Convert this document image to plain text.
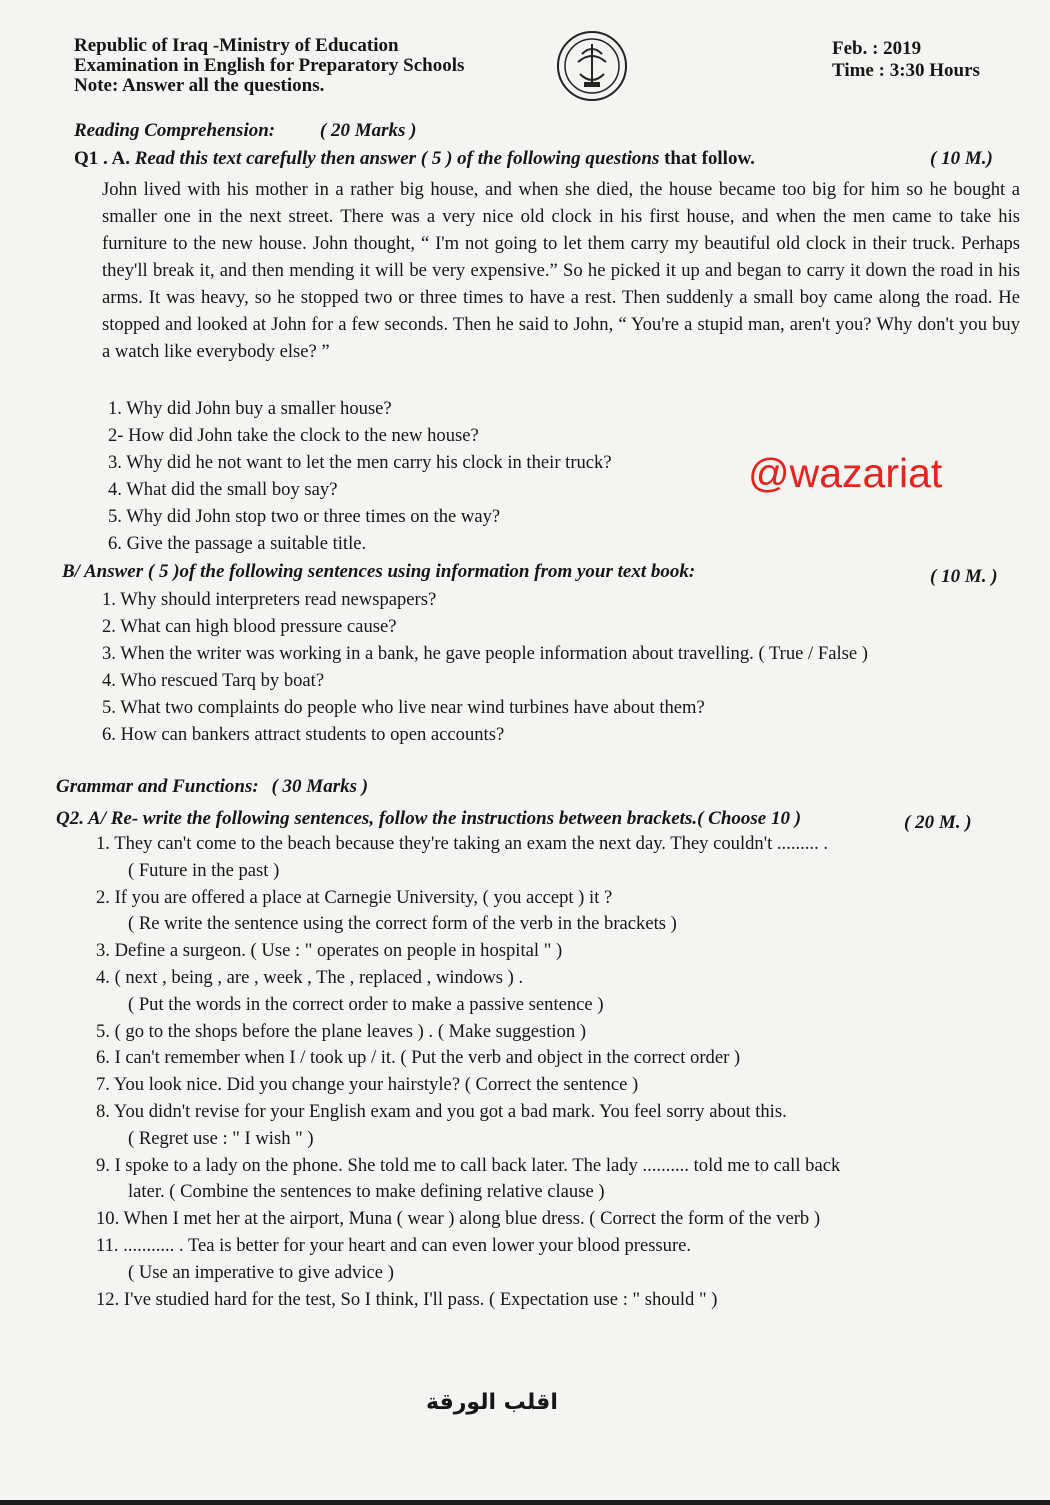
Republic of Iraq -Ministry of Education
Examination in English for Preparatory Schools
Note: Answer all the questions.
Feb. : 2019
Time : 3:30 Hours
Reading Comprehension: ( 20 Marks )
Q1 . A. Read this text carefully then answer ( 5 ) of the following questions that follow.	( 10 M.)
John lived with his mother in a rather big house, and when she died, the house became too big for him so he bought a smaller one in the next street. There was a very nice old clock in his first house, and when the men came to take his furniture to the new house. John thought, “ I'm not going to let them carry my beautiful old clock in their truck. Perhaps they'll break it, and then mending it will be very expensive.” So he picked it up and began to carry it down the road in his arms. It was heavy, so he stopped two or three times to have a rest. Then suddenly a small boy came along the road. He stopped and looked at John for a few seconds. Then he said to John, “ You're a stupid man, aren't you? Why don't you buy a watch like everybody else? ”
1. Why did John buy a smaller house?
2- How did John take the clock to the new house?
3. Why did he not want to let the men carry his clock in their truck?
4. What did the small boy say?
5. Why did John stop two or three times on the way?
6. Give the passage a suitable title.
B/ Answer ( 5 )of the following sentences using information from your text book:	( 10 M. )
1. Why should interpreters read newspapers?
2. What can high blood pressure cause?
3. When the writer was working in a bank, he gave people information about travelling. ( True / False )
4. Who rescued Tarq by boat?
5. What two complaints do people who live near wind turbines have about them?
6. How can bankers attract students to open accounts?
Grammar and Functions: ( 30 Marks )
Q2. A/ Re- write the following sentences, follow the instructions between brackets.( Choose 10 )	( 20 M. )
1. They can't come to the beach because they're taking an exam the next day. They couldn't ......... .
( Future in the past )
2. If you are offered a place at Carnegie University, ( you accept ) it ?
( Re write the sentence using the correct form of the verb in the brackets )
3. Define a surgeon. ( Use : " operates on people in hospital " )
4. ( next , being , are , week , The , replaced , windows ) .
( Put the words in the correct order to make a passive sentence )
5. ( go to the shops before the plane leaves ) . ( Make suggestion )
6. I can't remember when I / took up / it. ( Put the verb and object in the correct order )
7. You look nice. Did you change your hairstyle? ( Correct the sentence )
8. You didn't revise for your English exam and you got a bad mark. You feel sorry about this.
( Regret use : " I wish " )
9. I spoke to a lady on the phone. She told me to call back later. The lady .......... told me to call back
later. ( Combine the sentences to make defining relative clause )
10. When I met her at the airport, Muna ( wear ) along blue dress. ( Correct the form of the verb )
11. ........... . Tea is better for your heart and can even lower your blood pressure.
( Use an imperative to give advice )
12. I've studied hard for the test, So I think, I'll pass. ( Expectation use : " should " )
@wazariat
اقلب الورقة
